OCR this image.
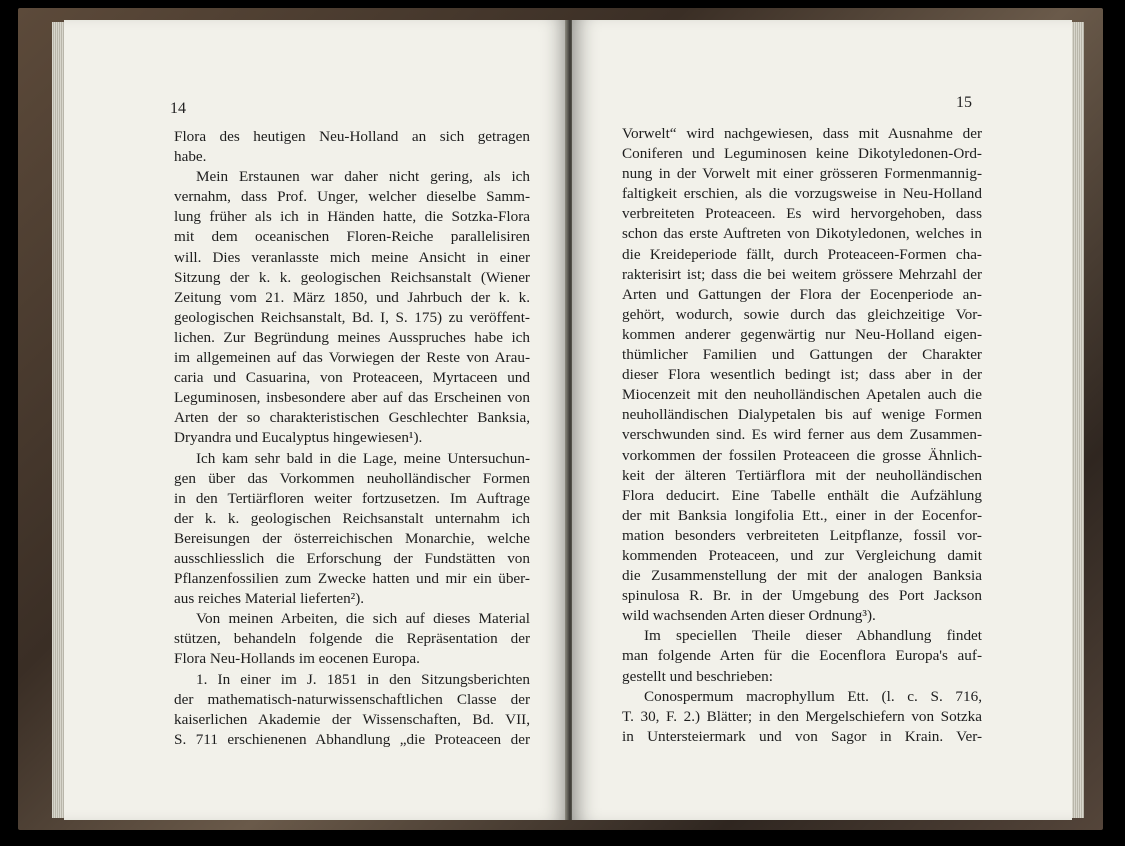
14
Flora des heutigen Neu-Holland an sich getragen
habe.
Mein Erstaunen war daher nicht gering, als ich
vernahm, dass Prof. Unger, welcher dieselbe Samm-
lung früher als ich in Händen hatte, die Sotzka-Flora
mit dem oceanischen Floren-Reiche parallelisiren
will. Dies veranlasste mich meine Ansicht in einer
Sitzung der k. k. geologischen Reichsanstalt (Wiener
Zeitung vom 21. März 1850, und Jahrbuch der k. k.
geologischen Reichsanstalt, Bd. I, S. 175) zu veröffent-
lichen. Zur Begründung meines Ausspruches habe ich
im allgemeinen auf das Vorwiegen der Reste von Arau-
caria und Casuarina, von Proteaceen, Myrtaceen und
Leguminosen, insbesondere aber auf das Erscheinen von
Arten der so charakteristischen Geschlechter Banksia,
Dryandra und Eucalyptus hingewiesen¹).
Ich kam sehr bald in die Lage, meine Untersuchun-
gen über das Vorkommen neuholländischer Formen
in den Tertiärfloren weiter fortzusetzen. Im Auftrage
der k. k. geologischen Reichsanstalt unternahm ich
Bereisungen der österreichischen Monarchie, welche
ausschliesslich die Erforschung der Fundstätten von
Pflanzenfossilien zum Zwecke hatten und mir ein über-
aus reiches Material lieferten²).
Von meinen Arbeiten, die sich auf dieses Material
stützen, behandeln folgende die Repräsentation der
Flora Neu-Hollands im eocenen Europa.
1. In einer im J. 1851 in den Sitzungsberichten
der mathematisch-naturwissenschaftlichen Classe der
kaiserlichen Akademie der Wissenschaften, Bd. VII,
S. 711 erschienenen Abhandlung „die Proteaceen der
15
Vorwelt“ wird nachgewiesen, dass mit Ausnahme der
Coniferen und Leguminosen keine Dikotyledonen-Ord-
nung in der Vorwelt mit einer grösseren Formenmannig-
faltigkeit erschien, als die vorzugsweise in Neu-Holland
verbreiteten Proteaceen. Es wird hervorgehoben, dass
schon das erste Auftreten von Dikotyledonen, welches in
die Kreideperiode fällt, durch Proteaceen-Formen cha-
rakterisirt ist; dass die bei weitem grössere Mehrzahl der
Arten und Gattungen der Flora der Eocenperiode an-
gehört, wodurch, sowie durch das gleichzeitige Vor-
kommen anderer gegenwärtig nur Neu-Holland eigen-
thümlicher Familien und Gattungen der Charakter
dieser Flora wesentlich bedingt ist; dass aber in der
Miocenzeit mit den neuholländischen Apetalen auch die
neuholländischen Dialypetalen bis auf wenige Formen
verschwunden sind. Es wird ferner aus dem Zusammen-
vorkommen der fossilen Proteaceen die grosse Ähnlich-
keit der älteren Tertiärflora mit der neuholländischen
Flora deducirt. Eine Tabelle enthält die Aufzählung
der mit Banksia longifolia Ett., einer in der Eocenfor-
mation besonders verbreiteten Leitpflanze, fossil vor-
kommenden Proteaceen, und zur Vergleichung damit
die Zusammenstellung der mit der analogen Banksia
spinulosa R. Br. in der Umgebung des Port Jackson
wild wachsenden Arten dieser Ordnung³).
Im speciellen Theile dieser Abhandlung findet
man folgende Arten für die Eocenflora Europa's auf-
gestellt und beschrieben:
Conospermum macrophyllum Ett. (l. c. S. 716,
T. 30, F. 2.) Blätter; in den Mergelschiefern von Sotzka
in Untersteiermark und von Sagor in Krain. Ver-
